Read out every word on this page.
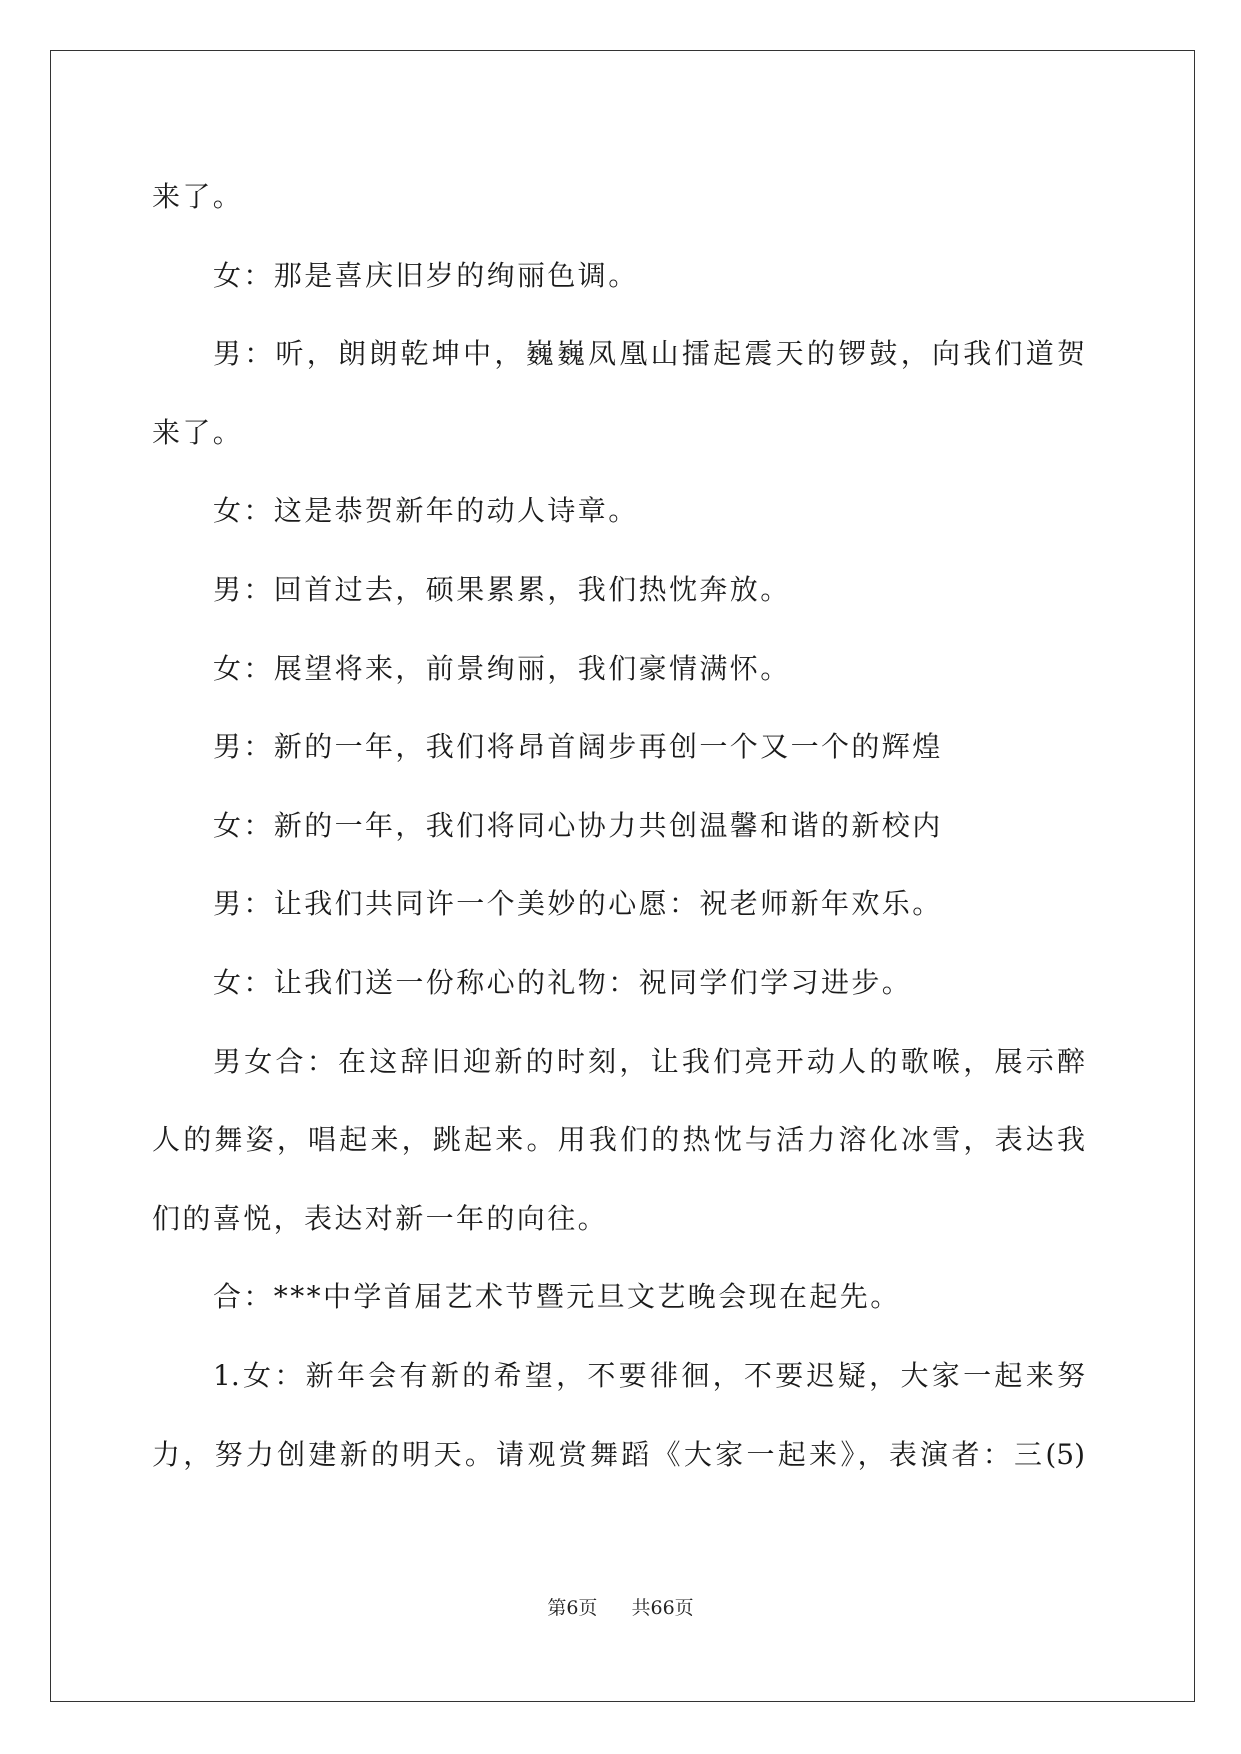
来了。
女：那是喜庆旧岁的绚丽色调。
男：听，朗朗乾坤中，巍巍凤凰山擂起震天的锣鼓，向我们道贺
来了。
女：这是恭贺新年的动人诗章。
男：回首过去，硕果累累，我们热忱奔放。
女：展望将来，前景绚丽，我们豪情满怀。
男：新的一年，我们将昂首阔步再创一个又一个的辉煌
女：新的一年，我们将同心协力共创温馨和谐的新校内
男：让我们共同许一个美妙的心愿：祝老师新年欢乐。
女：让我们送一份称心的礼物：祝同学们学习进步。
男女合：在这辞旧迎新的时刻，让我们亮开动人的歌喉，展示醉
人的舞姿，唱起来，跳起来。用我们的热忱与活力溶化冰雪，表达我
们的喜悦，表达对新一年的向往。
合：***中学首届艺术节暨元旦文艺晚会现在起先。
1.女：新年会有新的希望，不要徘徊，不要迟疑，大家一起来努
力，努力创建新的明天。请观赏舞蹈《大家一起来》，表演者：三(5)
第6页 共66页
